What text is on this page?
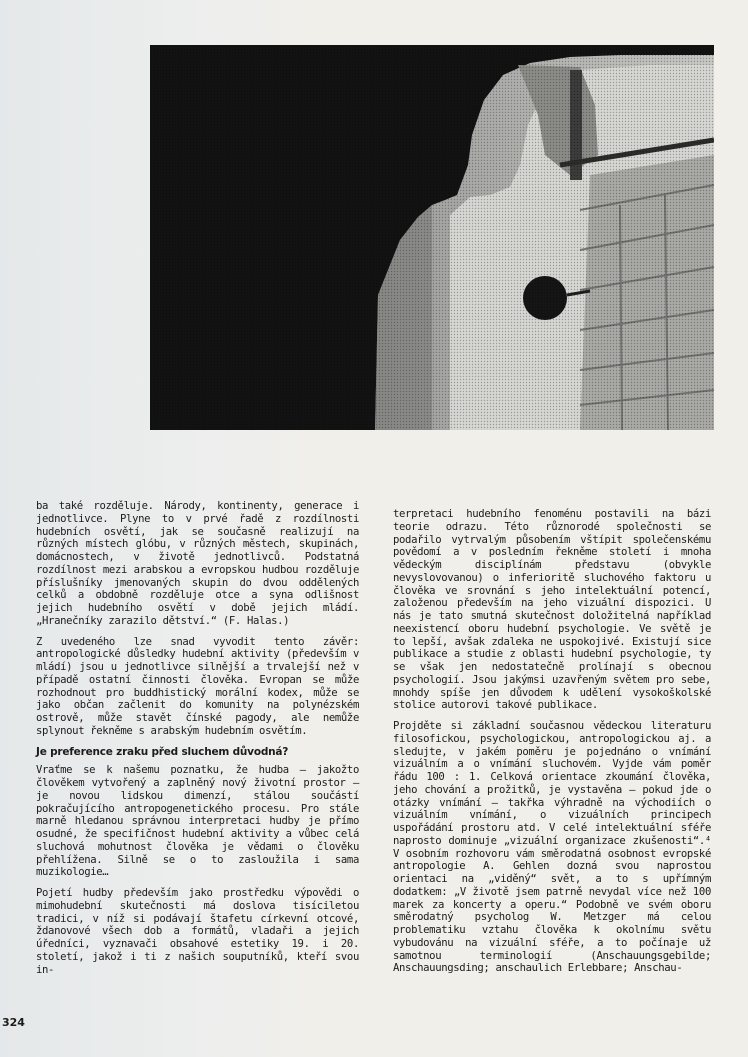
ba také rozděluje. Národy, kontinenty, generace i jednotlivce. Plyne to v prvé řadě z rozdílnosti hudebních osvětí, jak se současně realizují na různých místech glóbu, v různých městech, skupinách, domácnostech, v životě jednotlivců. Podstatná rozdílnost mezi arabskou a evropskou hudbou rozděluje příslušníky jmenovaných skupin do dvou oddělených celků a obdobně rozděluje otce a syna odlišnost jejich hudebního osvětí v době jejich mládí. „Hranečníky zarazilo dětství.“ (F. Halas.)

Z uvedeného lze snad vyvodit tento závěr: antropologické důsledky hudební aktivity (především v mládí) jsou u jednotlivce silnější a trvalejší než v případě ostatní činnosti člověka. Evropan se může rozhodnout pro buddhistický morální kodex, může se jako občan začlenit do komunity na polynézském ostrově, může stavět čínské pagody, ale nemůže splynout řekněme s arabským hudebním osvětím.

Je preference zraku před sluchem důvodná?

Vraťme se k našemu poznatku, že hudba — jakožto člověkem vytvořený a zaplněný nový životní prostor — je novou lidskou dimenzí, stálou součástí pokračujícího antropogenetického procesu. Pro stále marně hledanou správnou interpretaci hudby je přímo osudné, že specifičnost hudební aktivity a vůbec celá sluchová mohutnost člověka je vědami o člověku přehlížena. Silně se o to zasloužila i sama muzikologie…

Pojetí hudby především jako prostředku výpovědi o mimohudební skutečnosti má doslova tisíciletou tradici, v níž si podávají štafetu církevní otcové, ždanovové všech dob a formátů, vladaři a jejich úředníci, vyznavači obsahové estetiky 19. i 20. století, jakož i ti z našich souputníků, kteří svou in-

terpretaci hudebního fenoménu postavili na bázi teorie odrazu. Této různorodé společnosti se podařilo vytrvalým působením vštípit společenskému povědomí a v posledním řekněme století i mnoha vědeckým disciplínám představu (obvykle nevyslovovanou) o inferioritě sluchového faktoru u člověka ve srovnání s jeho intelektuální potencí, založenou především na jeho vizuální dispozici. U nás je tato smutná skutečnost doložitelná například neexistencí oboru hudební psychologie. Ve světě je to lepší, avšak zdaleka ne uspokojivé. Existují sice publikace a studie z oblasti hudební psychologie, ty se však jen nedostatečně prolínají s obecnou psychologií. Jsou jakýmsi uzavřeným světem pro sebe, mnohdy spíše jen důvodem k udělení vysokoškolské stolice autorovi takové publikace.

Projděte si základní současnou vědeckou literaturu filosofickou, psychologickou, antropologickou aj. a sledujte, v jakém poměru je pojednáno o vnímání vizuálním a o vnímání sluchovém. Vyjde vám poměr řádu 100 : 1. Celková orientace zkoumání člověka, jeho chování a prožitků, je vystavěna — pokud jde o otázky vnímání — takřka výhradně na východiích o vizuálním vnímání, o vizuálních principech uspořádání prostoru atd. V celé intelektuální sféře naprosto dominuje „vizuální organizace zkušenosti“.⁴ V osobním rozhovoru vám směrodatná osobnost evropské antropologie A. Gehlen dozná svou naprostou orientaci na „viděný“ svět, a to s upřímným dodatkem: „V životě jsem patrně nevydal více než 100 marek za koncerty a operu.“ Podobně ve svém oboru směrodatný psycholog W. Metzger má celou problematiku vztahu člověka k okolnímu světu vybudovánu na vizuální sféře, a to počínaje už samotnou terminologií (Anschauungsgebilde; Anschauungsding; anschaulich Erlebbare; Anschau-

324
